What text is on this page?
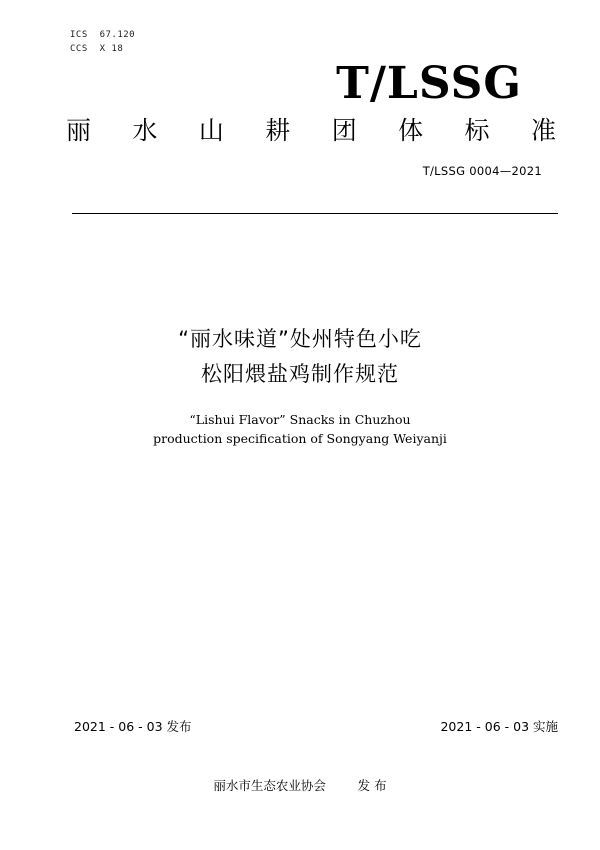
ICS  67.120
CCS  X 18
T/LSSG
丽 水 山 耕 团 体 标 准
T/LSSG 0004—2021
“丽水味道”处州特色小吃
松阳煨盐鸡制作规范
“Lishui Flavor” Snacks in Chuzhou
production specification of Songyang Weiyanji
2021 - 06 - 03 发布	2021 - 06 - 03 实施
丽水市生态农业协会        发 布
